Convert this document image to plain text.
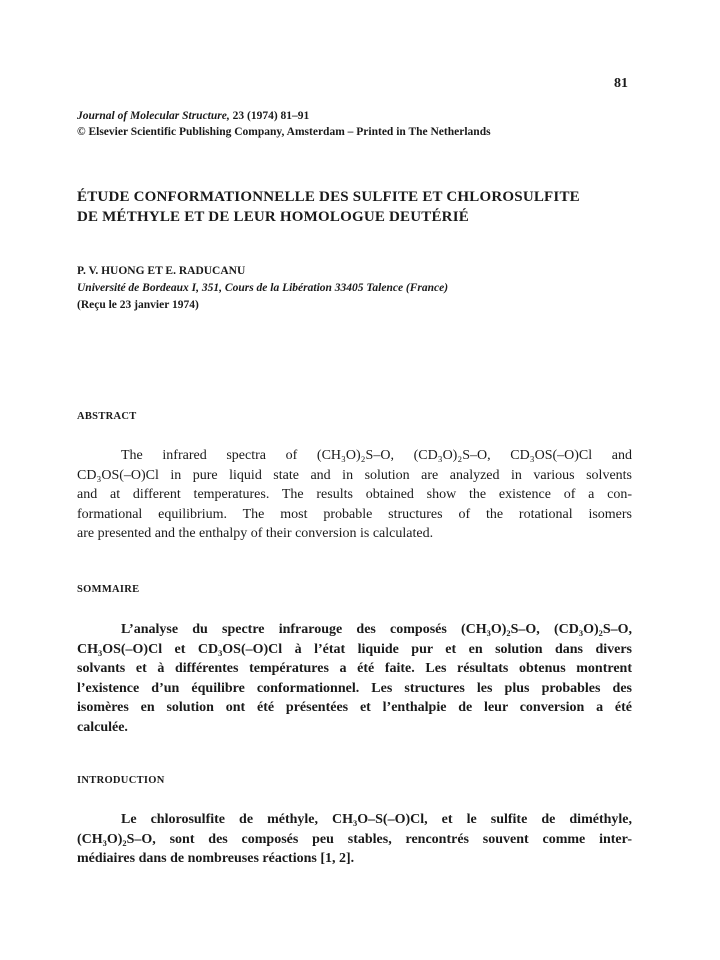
81
Journal of Molecular Structure, 23 (1974) 81–91
© Elsevier Scientific Publishing Company, Amsterdam – Printed in The Netherlands
ÉTUDE CONFORMATIONNELLE DES SULFITE ET CHLOROSULFITE
DE MÉTHYLE ET DE LEUR HOMOLOGUE DEUTÉRIÉ
P. V. HUONG ET E. RADUCANU
Université de Bordeaux I, 351, Cours de la Libération 33405 Talence (France)
(Reçu le 23 janvier 1974)
ABSTRACT
The infrared spectra of (CH₃O)₂S–O, (CD₃O)₂S–O, CD₃OS(–O)Cl and
CD₃OS(–O)Cl in pure liquid state and in solution are analyzed in various solvents
and at different temperatures. The results obtained show the existence of a con-
formational equilibrium. The most probable structures of the rotational isomers
are presented and the enthalpy of their conversion is calculated.
SOMMAIRE
L’analyse du spectre infrarouge des composés (CH₃O)₂S–O, (CD₃O)₂S–O,
CH₃OS(–O)Cl et CD₃OS(–O)Cl à l’état liquide pur et en solution dans divers
solvants et à différentes températures a été faite. Les résultats obtenus montrent
l’existence d’un équilibre conformationnel. Les structures les plus probables des
isomères en solution ont été présentées et l’enthalpie de leur conversion a été
calculée.
INTRODUCTION
Le chlorosulfite de méthyle, CH₃O–S(–O)Cl, et le sulfite de diméthyle,
(CH₃O)₂S–O, sont des composés peu stables, rencontrés souvent comme inter-
médiaires dans de nombreuses réactions [1, 2].
